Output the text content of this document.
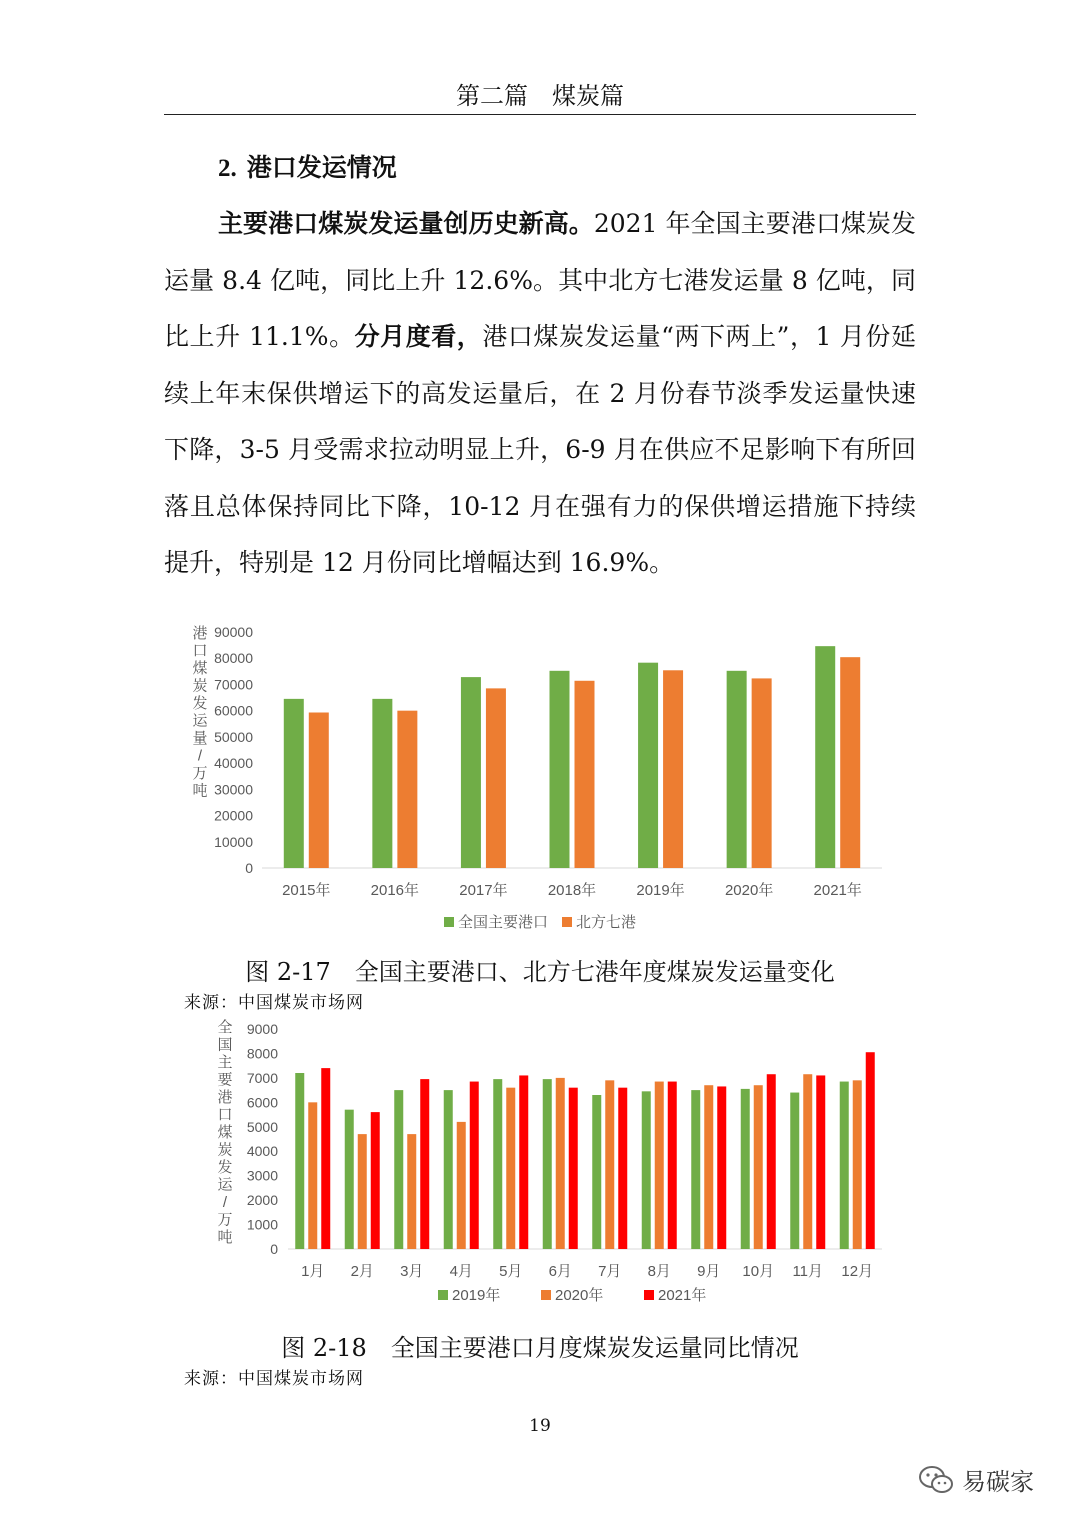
第二篇　煤炭篇
2. 港口发运情况

主要港口煤炭发运量创历史新高。2021 年全国主要港口煤炭发运量 8.4 亿吨，同比上升 12.6%。其中北方七港发运量 8 亿吨，同比上升 11.1%。分月度看，港口煤炭发运量“两下两上”，1 月份延续上年末保供增运下的高发运量后，在 2 月份春节淡季发运量快速下降，3-5 月受需求拉动明显上升，6-9 月在供应不足影响下有所回落且总体保持同比下降，10-12 月在强有力的保供增运措施下持续提升，特别是 12 月份同比增幅达到 16.9%。

0
10000
20000
30000
40000
50000
60000
70000
80000
90000
港
口
煤
炭
发
运
量
/
万
吨
2015年	2016年	2017年	2018年	2019年	2020年	2021年
全国主要港口 北方七港
图 2-17　全国主要港口、北方七港年度煤炭发运量变化
来源：中国煤炭市场网
0
1000
2000
3000
4000
5000
6000
7000
8000
9000
全
国
主
要
港
口
煤
炭
发
运
/
万
吨
1月 2月 3月 4月 5月 6月 7月 8月 9月 10月 11月 12月
2019年	2020年	2021年
图 2-18　全国主要港口月度煤炭发运量同比情况
来源：中国煤炭市场网
19
易碳家
